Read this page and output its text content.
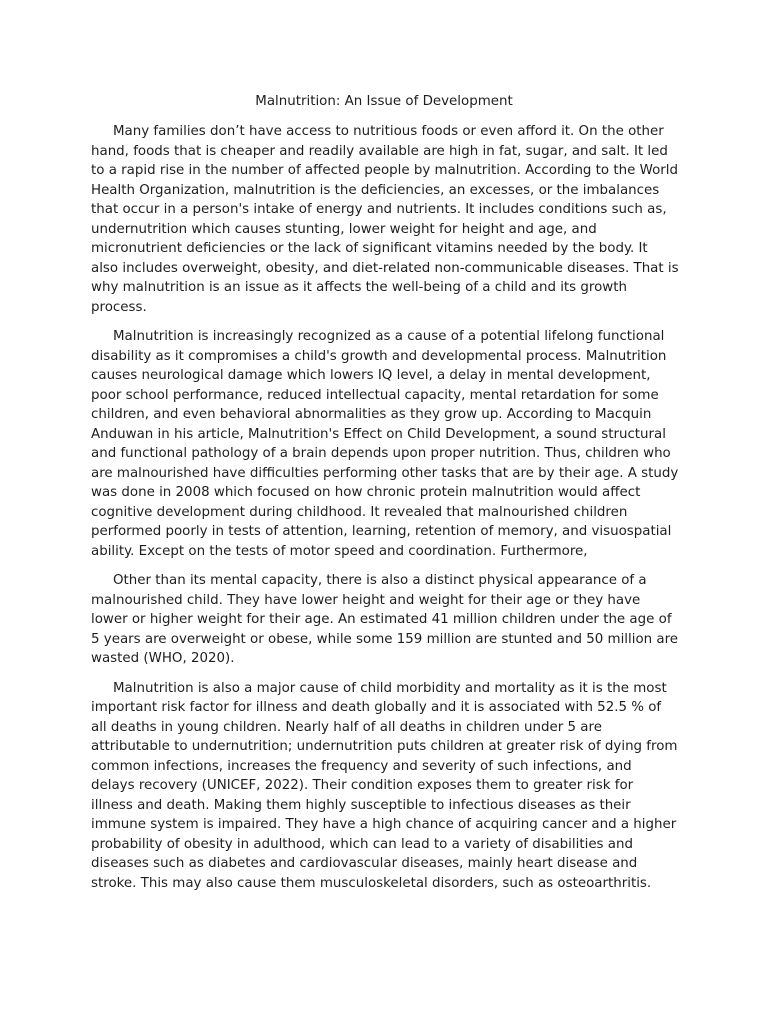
Malnutrition: An Issue of Development

Many families don’t have access to nutritious foods or even afford it. On the other hand, foods that is cheaper and readily available are high in fat, sugar, and salt. It led to a rapid rise in the number of affected people by malnutrition. According to the World Health Organization, malnutrition is the deficiencies, an excesses, or the imbalances that occur in a person's intake of energy and nutrients. It includes conditions such as, undernutrition which causes stunting, lower weight for height and age, and micronutrient deficiencies or the lack of significant vitamins needed by the body. It also includes overweight, obesity, and diet-related non-communicable diseases. That is why malnutrition is an issue as it affects the well-being of a child and its growth process.

Malnutrition is increasingly recognized as a cause of a potential lifelong functional disability as it compromises a child's growth and developmental process. Malnutrition causes neurological damage which lowers IQ level, a delay in mental development, poor school performance, reduced intellectual capacity, mental retardation for some children, and even behavioral abnormalities as they grow up. According to Macquin Anduwan in his article, Malnutrition's Effect on Child Development, a sound structural and functional pathology of a brain depends upon proper nutrition. Thus, children who are malnourished have difficulties performing other tasks that are by their age. A study was done in 2008 which focused on how chronic protein malnutrition would affect cognitive development during childhood. It revealed that malnourished children performed poorly in tests of attention, learning, retention of memory, and visuospatial ability. Except on the tests of motor speed and coordination. Furthermore,

Other than its mental capacity, there is also a distinct physical appearance of a malnourished child. They have lower height and weight for their age or they have lower or higher weight for their age. An estimated 41 million children under the age of 5 years are overweight or obese, while some 159 million are stunted and 50 million are wasted (WHO, 2020).

Malnutrition is also a major cause of child morbidity and mortality as it is the most important risk factor for illness and death globally and it is associated with 52.5 % of all deaths in young children. Nearly half of all deaths in children under 5 are attributable to undernutrition; undernutrition puts children at greater risk of dying from common infections, increases the frequency and severity of such infections, and delays recovery (UNICEF, 2022). Their condition exposes them to greater risk for illness and death. Making them highly susceptible to infectious diseases as their immune system is impaired. They have a high chance of acquiring cancer and a higher probability of obesity in adulthood, which can lead to a variety of disabilities and diseases such as diabetes and cardiovascular diseases, mainly heart disease and stroke. This may also cause them musculoskeletal disorders, such as osteoarthritis.
